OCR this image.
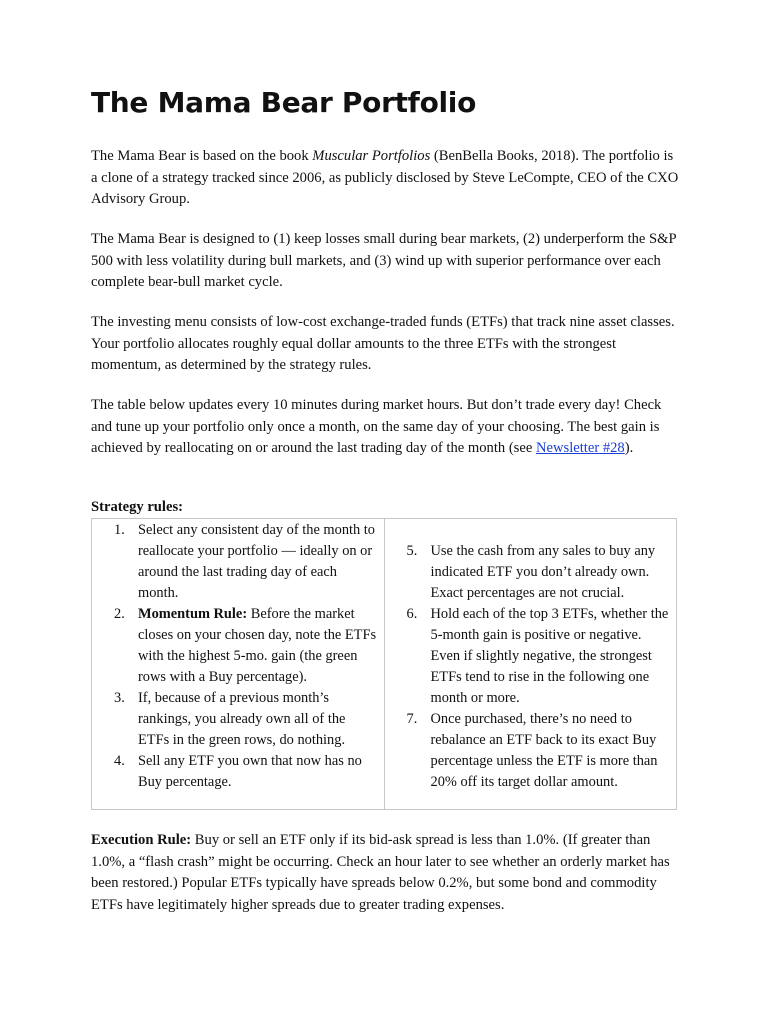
The Mama Bear Portfolio

The Mama Bear is based on the book Muscular Portfolios (BenBella Books, 2018). The portfolio is a clone of a strategy tracked since 2006, as publicly disclosed by Steve LeCompte, CEO of the CXO Advisory Group.

The Mama Bear is designed to (1) keep losses small during bear markets, (2) underperform the S&P 500 with less volatility during bull markets, and (3) wind up with superior performance over each complete bear-bull market cycle.

The investing menu consists of low-cost exchange-traded funds (ETFs) that track nine asset classes. Your portfolio allocates roughly equal dollar amounts to the three ETFs with the strongest momentum, as determined by the strategy rules.

The table below updates every 10 minutes during market hours. But don’t trade every day! Check and tune up your portfolio only once a month, on the same day of your choosing. The best gain is achieved by reallocating on or around the last trading day of the month (see Newsletter #28).

Strategy rules:

1. Select any consistent day of the month to reallocate your portfolio — ideally on or around the last trading day of each month.
2. Momentum Rule: Before the market closes on your chosen day, note the ETFs with the highest 5-mo. gain (the green rows with a Buy percentage).
3. If, because of a previous month’s rankings, you already own all of the ETFs in the green rows, do nothing.
4. Sell any ETF you own that now has no Buy percentage.

5. Use the cash from any sales to buy any indicated ETF you don’t already own. Exact percentages are not crucial.
6. Hold each of the top 3 ETFs, whether the 5-month gain is positive or negative. Even if slightly negative, the strongest ETFs tend to rise in the following one month or more.
7. Once purchased, there’s no need to rebalance an ETF back to its exact Buy percentage unless the ETF is more than 20% off its target dollar amount.

Execution Rule: Buy or sell an ETF only if its bid-ask spread is less than 1.0%. (If greater than 1.0%, a “flash crash” might be occurring. Check an hour later to see whether an orderly market has been restored.) Popular ETFs typically have spreads below 0.2%, but some bond and commodity ETFs have legitimately higher spreads due to greater trading expenses.
